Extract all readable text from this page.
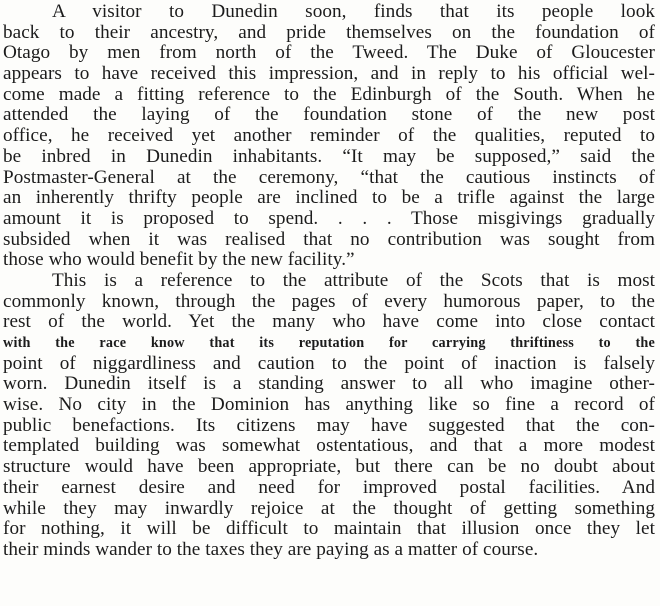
A visitor to Dunedin soon, finds that its people look
back to their ancestry, and pride themselves on the foundation of
Otago by men from north of the Tweed. The Duke of Gloucester
appears to have received this impression, and in reply to his official wel-
come made a fitting reference to the Edinburgh of the South. When he
attended the laying of the foundation stone of the new post
office, he received yet another reminder of the qualities, reputed to
be inbred in Dunedin inhabitants. “It may be supposed,” said the
Postmaster-General at the ceremony, “that the cautious instincts of
an inherently thrifty people are inclined to be a trifle against the large
amount it is proposed to spend. . . . Those misgivings gradually
subsided when it was realised that no contribution was sought from
those who would benefit by the new facility.”
This is a reference to the attribute of the Scots that is most
commonly known, through the pages of every humorous paper, to the
rest of the world. Yet the many who have come into close contact
with the race know that its reputation for carrying thriftiness to the
point of niggardliness and caution to the point of inaction is falsely
worn. Dunedin itself is a standing answer to all who imagine other-
wise. No city in the Dominion has anything like so fine a record of
public benefactions. Its citizens may have suggested that the con-
templated building was somewhat ostentatious, and that a more modest
structure would have been appropriate, but there can be no doubt about
their earnest desire and need for improved postal facilities. And
while they may inwardly rejoice at the thought of getting something
for nothing, it will be difficult to maintain that illusion once they let
their minds wander to the taxes they are paying as a matter of course.
